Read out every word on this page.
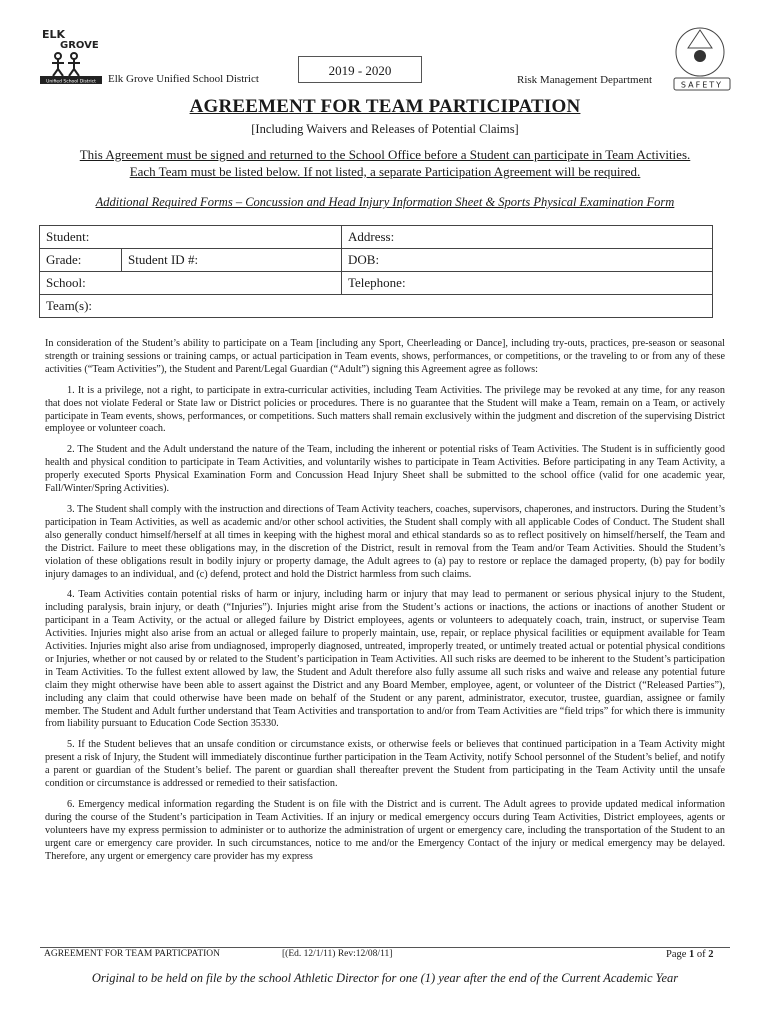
ELK
GROVE
Unified School District Elk Grove Unified School District
2019 - 2020
Risk Management Department	SAFETY
AGREEMENT FOR TEAM PARTICIPATION
[Including Waivers and Releases of Potential Claims]
This Agreement must be signed and returned to the School Office before a Student can participate in Team Activities.
Each Team must be listed below. If not listed, a separate Participation Agreement will be required.
Additional Required Forms – Concussion and Head Injury Information Sheet & Sports Physical Examination Form
Student:		Address:
Grade:	Student ID #:	DOB:
School:		Telephone:
Team(s):		

In consideration of the Student’s ability to participate on a Team [including any Sport, Cheerleading or Dance], including try-outs, practices, pre-season or seasonal strength or training sessions or training camps, or actual participation in Team events, shows, performances, or competitions, or the traveling to or from any of these activities (“Team Activities”), the Student and Parent/Legal Guardian (“Adult”) signing this Agreement agree as follows:

1. It is a privilege, not a right, to participate in extra-curricular activities, including Team Activities. The privilege may be revoked at any time, for any reason that does not violate Federal or State law or District policies or procedures. There is no guarantee that the Student will make a Team, remain on a Team, or actively participate in Team events, shows, performances, or competitions. Such matters shall remain exclusively within the judgment and discretion of the supervising District employee or volunteer coach.

2. The Student and the Adult understand the nature of the Team, including the inherent or potential risks of Team Activities. The Student is in sufficiently good health and physical condition to participate in Team Activities, and voluntarily wishes to participate in Team Activities. Before participating in any Team Activity, a properly executed Sports Physical Examination Form and Concussion Head Injury Sheet shall be submitted to the school office (valid for one academic year, Fall/Winter/Spring Activities).

3. The Student shall comply with the instruction and directions of Team Activity teachers, coaches, supervisors, chaperones, and instructors. During the Student’s participation in Team Activities, as well as academic and/or other school activities, the Student shall comply with all applicable Codes of Conduct. The Student shall also generally conduct himself/herself at all times in keeping with the highest moral and ethical standards so as to reflect positively on himself/herself, the Team and the District. Failure to meet these obligations may, in the discretion of the District, result in removal from the Team and/or Team Activities. Should the Student’s violation of these obligations result in bodily injury or property damage, the Adult agrees to (a) pay to restore or replace the damaged property, (b) pay for bodily injury damages to an individual, and (c) defend, protect and hold the District harmless from such claims.

4. Team Activities contain potential risks of harm or injury, including harm or injury that may lead to permanent or serious physical injury to the Student, including paralysis, brain injury, or death (“Injuries”). Injuries might arise from the Student’s actions or inactions, the actions or inactions of another Student or participant in a Team Activity, or the actual or alleged failure by District employees, agents or volunteers to adequately coach, train, instruct, or supervise Team Activities. Injuries might also arise from an actual or alleged failure to properly maintain, use, repair, or replace physical facilities or equipment available for Team Activities. Injuries might also arise from undiagnosed, improperly diagnosed, untreated, improperly treated, or untimely treated actual or potential physical conditions or Injuries, whether or not caused by or related to the Student’s participation in Team Activities. All such risks are deemed to be inherent to the Student’s participation in Team Activities. To the fullest extent allowed by law, the Student and Adult therefore also fully assume all such risks and waive and release any potential future claim they might otherwise have been able to assert against the District and any Board Member, employee, agent, or volunteer of the District (“Released Parties”), including any claim that could otherwise have been made on behalf of the Student or any parent, administrator, executor, trustee, guardian, assignee or family member. The Student and Adult further understand that Team Activities and transportation to and/or from Team Activities are “field trips” for which there is immunity from liability pursuant to Education Code Section 35330.

5. If the Student believes that an unsafe condition or circumstance exists, or otherwise feels or believes that continued participation in a Team Activity might present a risk of Injury, the Student will immediately discontinue further participation in the Team Activity, notify School personnel of the Student’s belief, and notify a parent or guardian of the Student’s belief. The parent or guardian shall thereafter prevent the Student from participating in the Team Activity until the unsafe condition or circumstance is addressed or remedied to their satisfaction.

6. Emergency medical information regarding the Student is on file with the District and is current. The Adult agrees to provide updated medical information during the course of the Student’s participation in Team Activities. If an injury or medical emergency occurs during Team Activities, District employees, agents or volunteers have my express permission to administer or to authorize the administration of urgent or emergency care, including the transportation of the Student to an urgent care or emergency care provider. In such circumstances, notice to me and/or the Emergency Contact of the injury or medical emergency may be delayed. Therefore, any urgent or emergency care provider has my express

AGREEMENT FOR TEAM PARTICPATION	[(Ed. 12/1/11) Rev:12/08/11]	Page 1 of 2
Original to be held on file by the school Athletic Director for one (1) year after the end of the Current Academic Year
